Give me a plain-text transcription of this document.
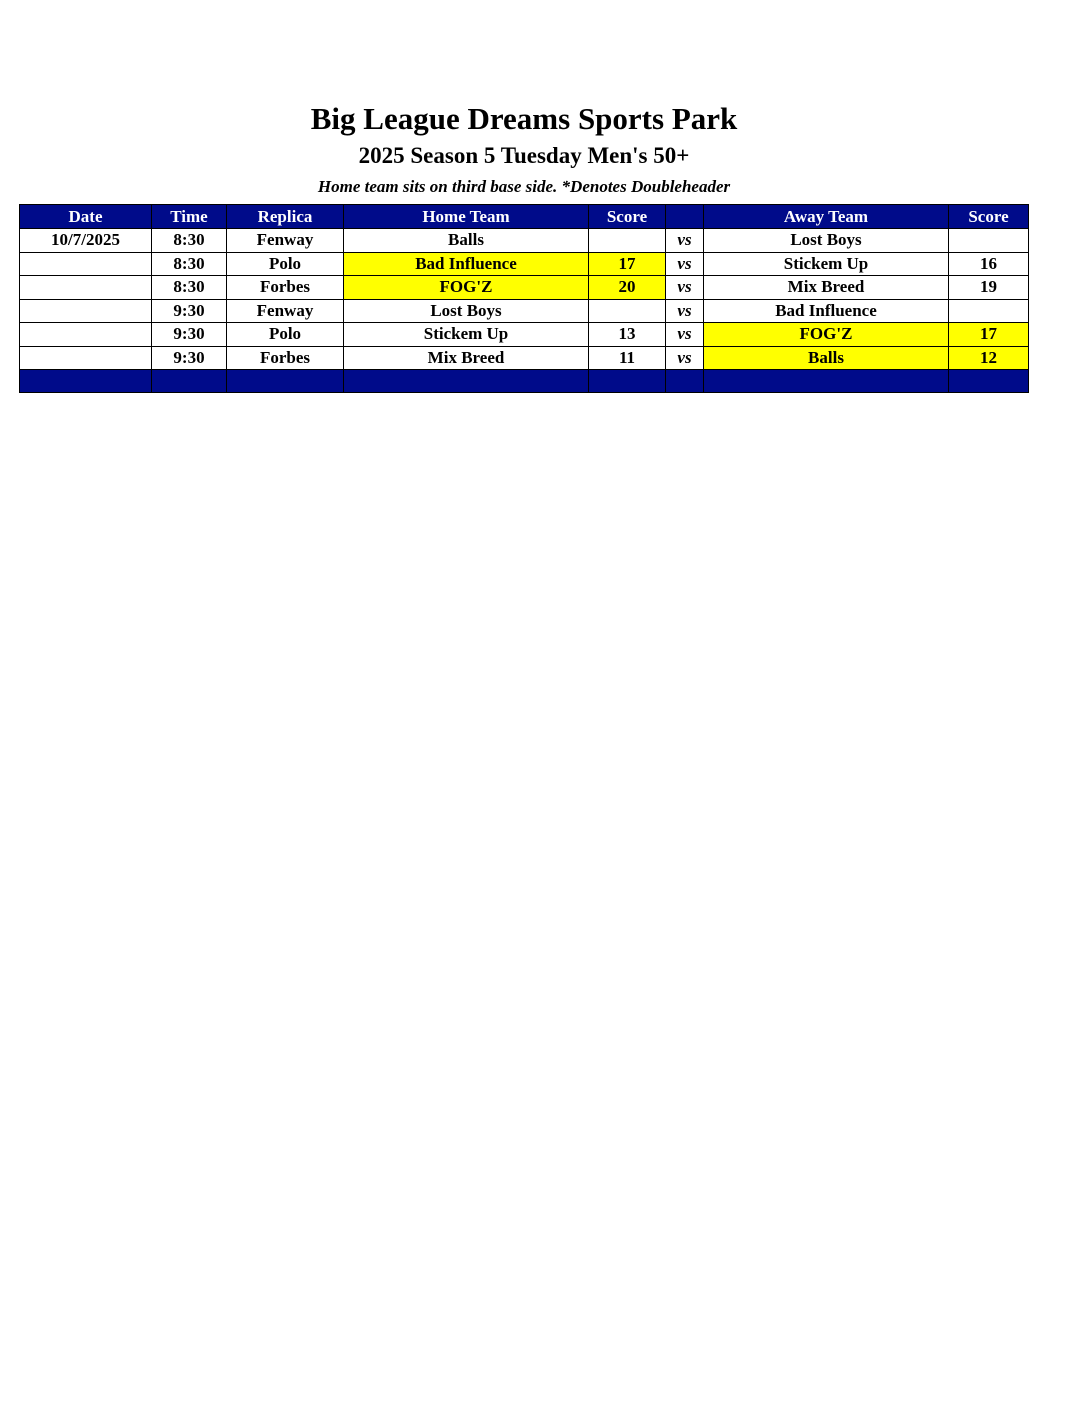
Big League Dreams Sports Park
2025 Season 5 Tuesday Men's 50+
Home team sits on third base side. *Denotes Doubleheader
Date	Time	Replica	Home Team	Score		Away Team	Score
10/7/2025	8:30	Fenway	Balls		vs	Lost Boys	
	8:30	Polo	Bad Influence	17	vs	Stickem Up	16
	8:30	Forbes	FOG'Z	20	vs	Mix Breed	19
	9:30	Fenway	Lost Boys		vs	Bad Influence	
	9:30	Polo	Stickem Up	13	vs	FOG'Z	17
	9:30	Forbes	Mix Breed	11	vs	Balls	12
